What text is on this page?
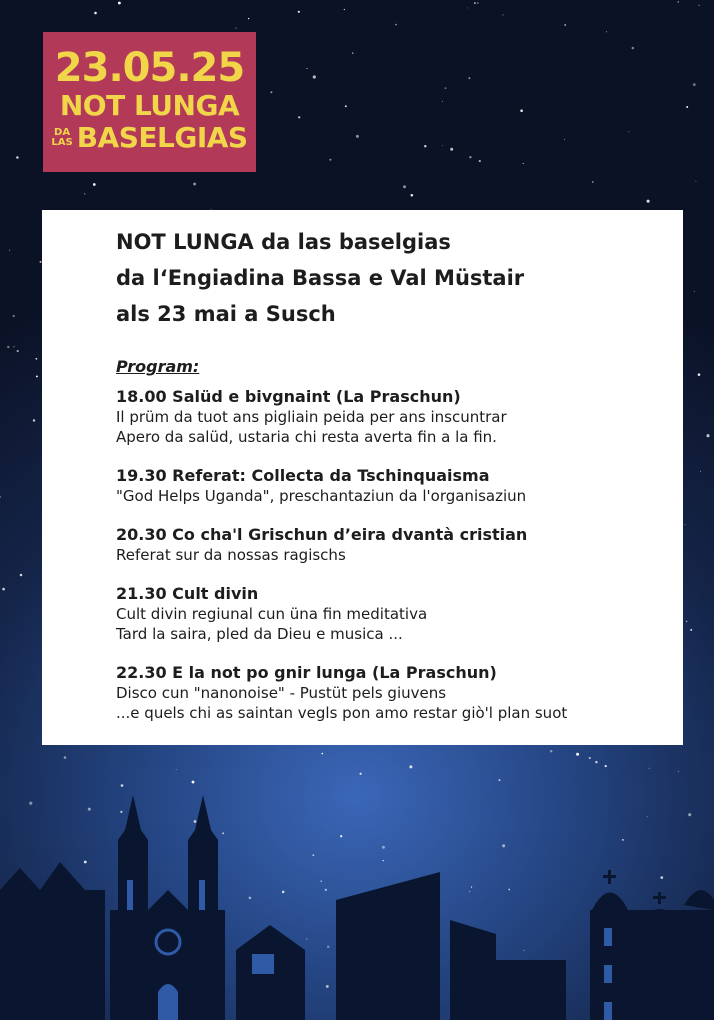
23.05.25
NOT LUNGA
DA
LAS BASELGIAS

NOT LUNGA da las baselgias

da l‘Engiadina Bassa e Val Müstair

als 23 mai a Susch

Program:
18.00 Salüd e bivgnaint (La Praschun)
Il prüm da tuot ans pigliain peida per ans inscuntrar
Apero da salüd, ustaria chi resta averta fin a la fin.
19.30 Referat: Collecta da Tschinquaisma
"God Helps Uganda", preschantaziun da l'organisaziun
20.30 Co cha'l Grischun d’eira dvantà cristian
Referat sur da nossas ragischs
21.30 Cult divin
Cult divin regiunal cun üna fin meditativa
Tard la saira, pled da Dieu e musica ...
22.30 E la not po gnir lunga (La Praschun)
Disco cun "nanonoise" - Pustüt pels giuvens
...e quels chi as saintan vegls pon amo restar giò'l plan suot
